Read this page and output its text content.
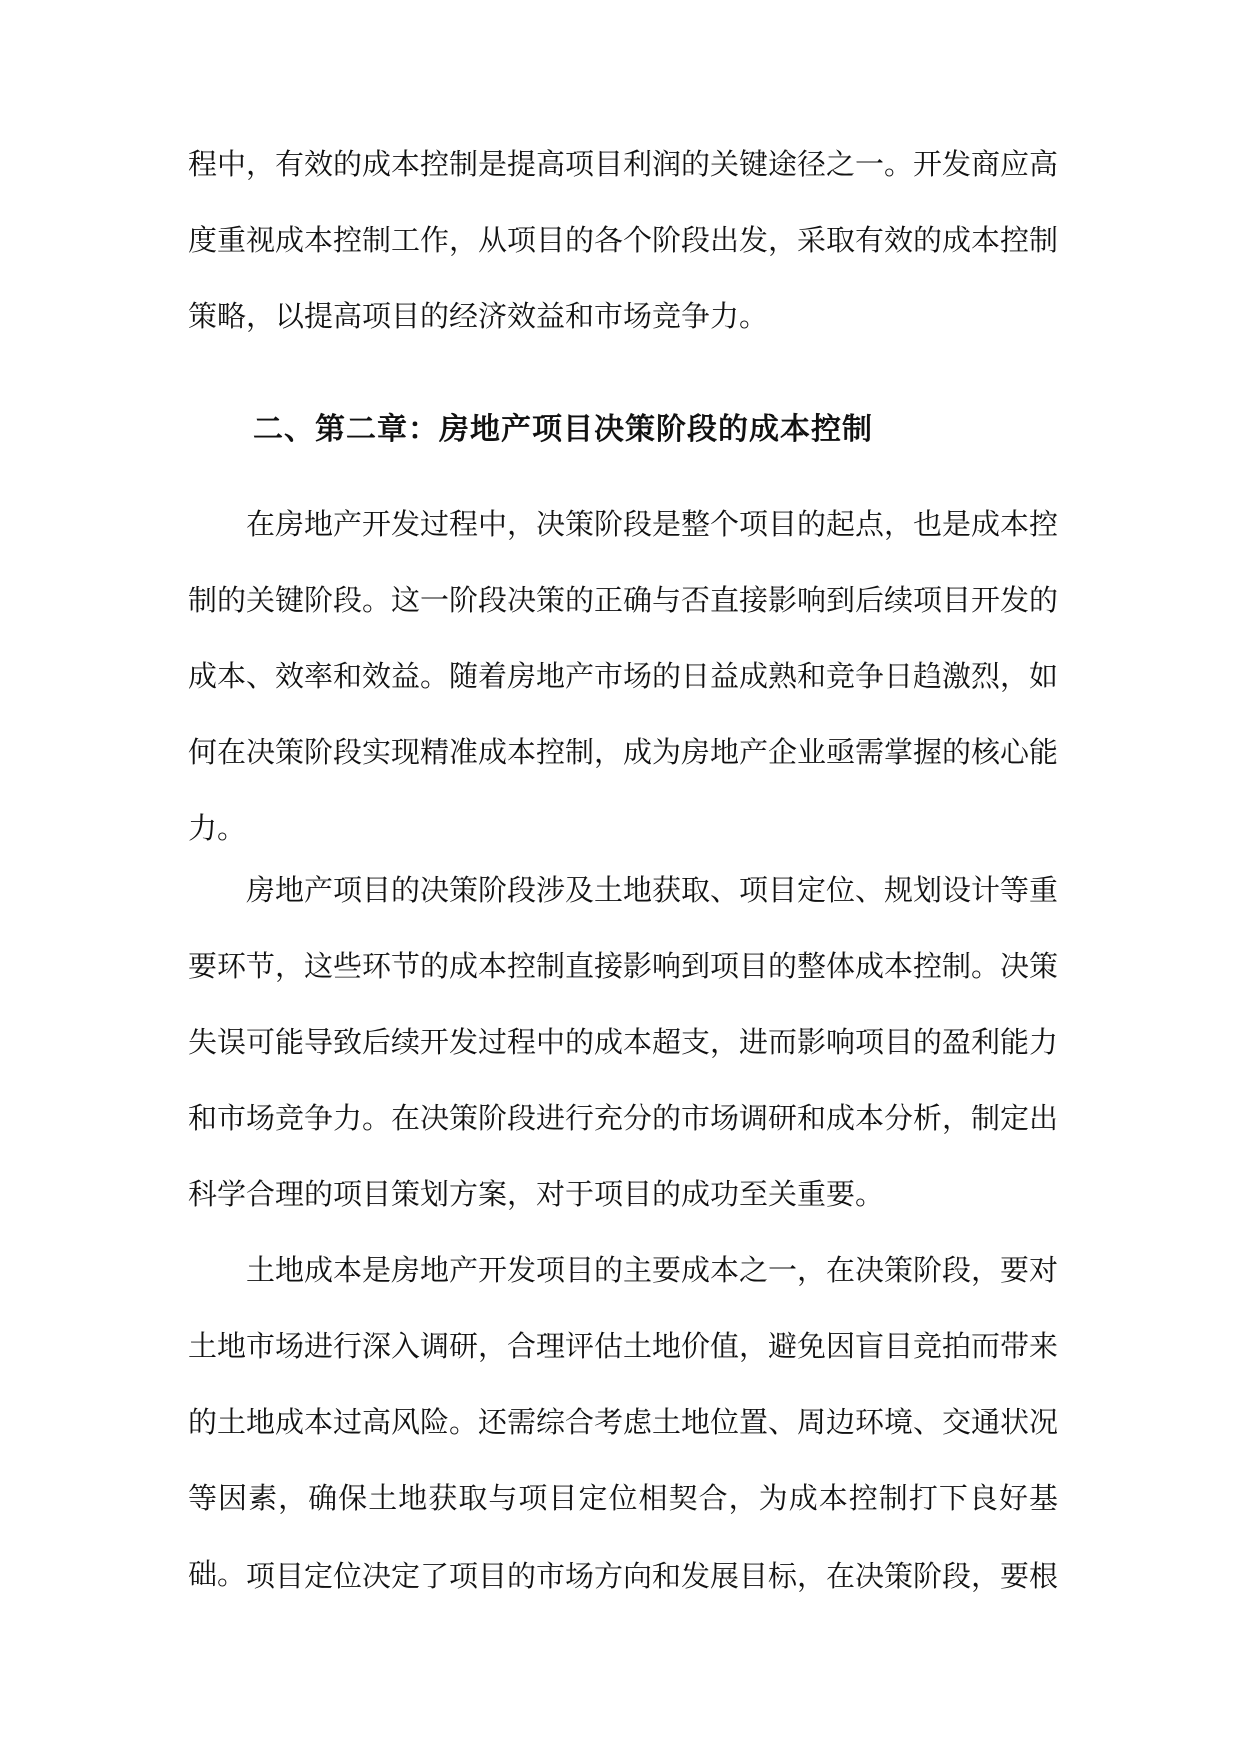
程中，有效的成本控制是提高项目利润的关键途径之一。开发商应高度重视成本控制工作，从项目的各个阶段出发，采取有效的成本控制策略，以提高项目的经济效益和市场竞争力。

二、第二章：房地产项目决策阶段的成本控制

在房地产开发过程中，决策阶段是整个项目的起点，也是成本控制的关键阶段。这一阶段决策的正确与否直接影响到后续项目开发的成本、效率和效益。随着房地产市场的日益成熟和竞争日趋激烈，如何在决策阶段实现精准成本控制，成为房地产企业亟需掌握的核心能力。

房地产项目的决策阶段涉及土地获取、项目定位、规划设计等重要环节，这些环节的成本控制直接影响到项目的整体成本控制。决策失误可能导致后续开发过程中的成本超支，进而影响项目的盈利能力和市场竞争力。在决策阶段进行充分的市场调研和成本分析，制定出科学合理的项目策划方案，对于项目的成功至关重要。

土地成本是房地产开发项目的主要成本之一，在决策阶段，要对土地市场进行深入调研，合理评估土地价值，避免因盲目竞拍而带来的土地成本过高风险。还需综合考虑土地位置、周边环境、交通状况等因素，确保土地获取与项目定位相契合，为成本控制打下良好基础。 项目定位决定了项目的市场方向和发展目标，在决策阶段，要根
